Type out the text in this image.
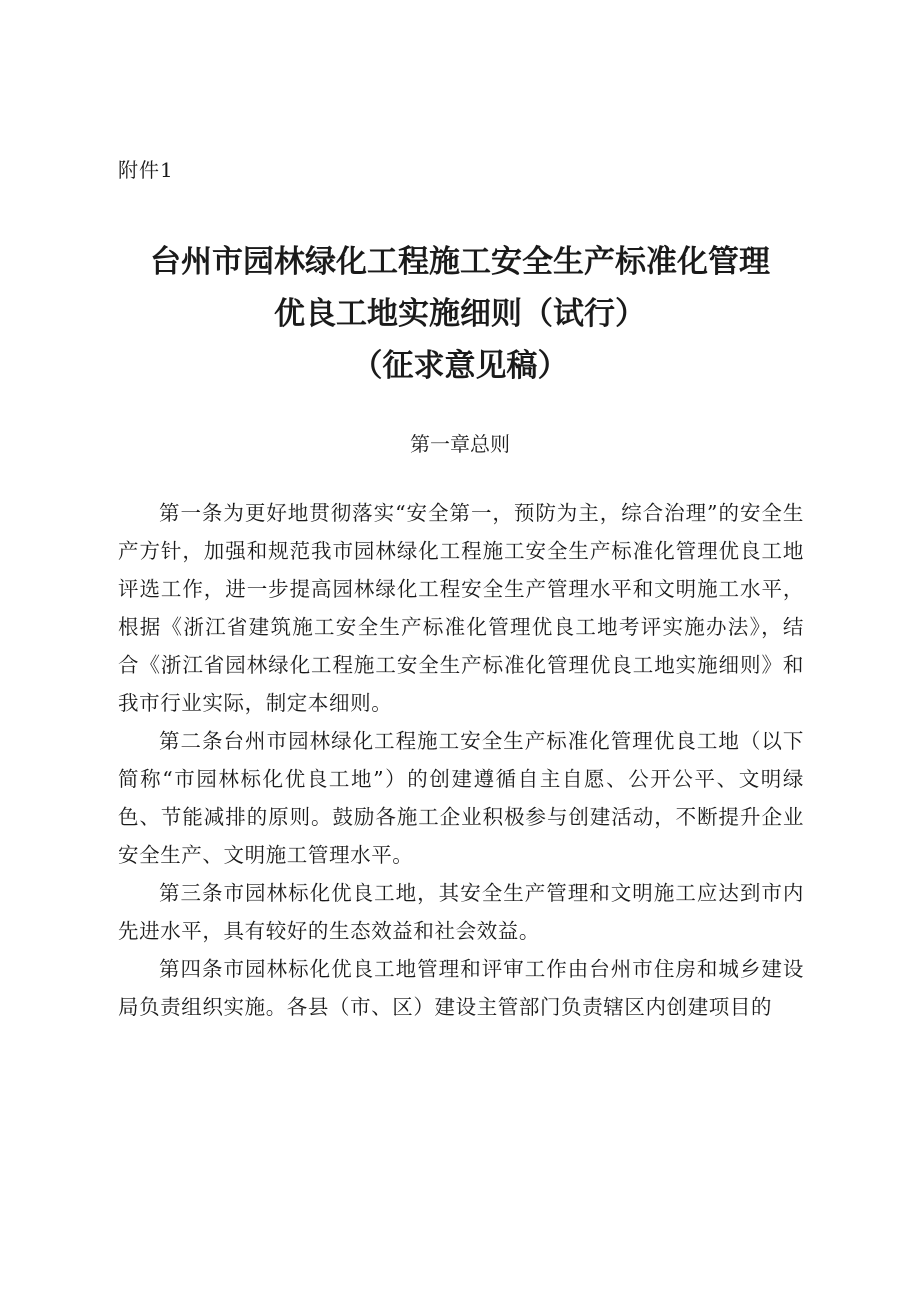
附件1
台州市园林绿化工程施工安全生产标准化管理
优良工地实施细则（试行）
（征求意见稿）
第一章总则

第一条为更好地贯彻落实“安全第一，预防为主，综合治理”的安全生产方针，加强和规范我市园林绿化工程施工安全生产标准化管理优良工地评选工作，进一步提高园林绿化工程安全生产管理水平和文明施工水平，根据《浙江省建筑施工安全生产标准化管理优良工地考评实施办法》，结合《浙江省园林绿化工程施工安全生产标准化管理优良工地实施细则》和我市行业实际，制定本细则。

第二条台州市园林绿化工程施工安全生产标准化管理优良工地（以下简称“市园林标化优良工地”）的创建遵循自主自愿、公开公平、文明绿色、节能减排的原则。鼓励各施工企业积极参与创建活动，不断提升企业安全生产、文明施工管理水平。

第三条市园林标化优良工地，其安全生产管理和文明施工应达到市内先进水平，具有较好的生态效益和社会效益。

第四条市园林标化优良工地管理和评审工作由台州市住房和城乡建设局负责组织实施。各县（市、区）建设主管部门负责辖区内创建项目的
